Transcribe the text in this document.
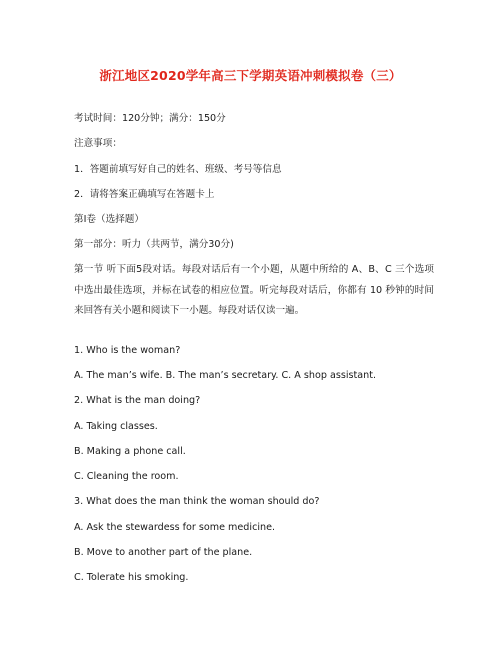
浙江地区2020学年高三下学期英语冲刺模拟卷（三）
考试时间：120分钟；满分：150分
注意事项：
1．答题前填写好自己的姓名、班级、考号等信息
2．请将答案正确填写在答题卡上
第I卷（选择题）
第一部分：听力（共两节，满分30分)
第一节 听下面5段对话。每段对话后有一个小题，从题中所给的 A、B、C 三个选项中选出最佳选项，并标在试卷的相应位置。听完每段对话后，你都有 10 秒钟的时间来回答有关小题和阅读下一小题。每段对话仅读一遍。
1. Who is the woman?
A. The man’s wife. B. The man’s secretary. C. A shop assistant.
2. What is the man doing?
A. Taking classes.
B. Making a phone call.
C. Cleaning the room.
3. What does the man think the woman should do?
A. Ask the stewardess for some medicine.
B. Move to another part of the plane.
C. Tolerate his smoking.
